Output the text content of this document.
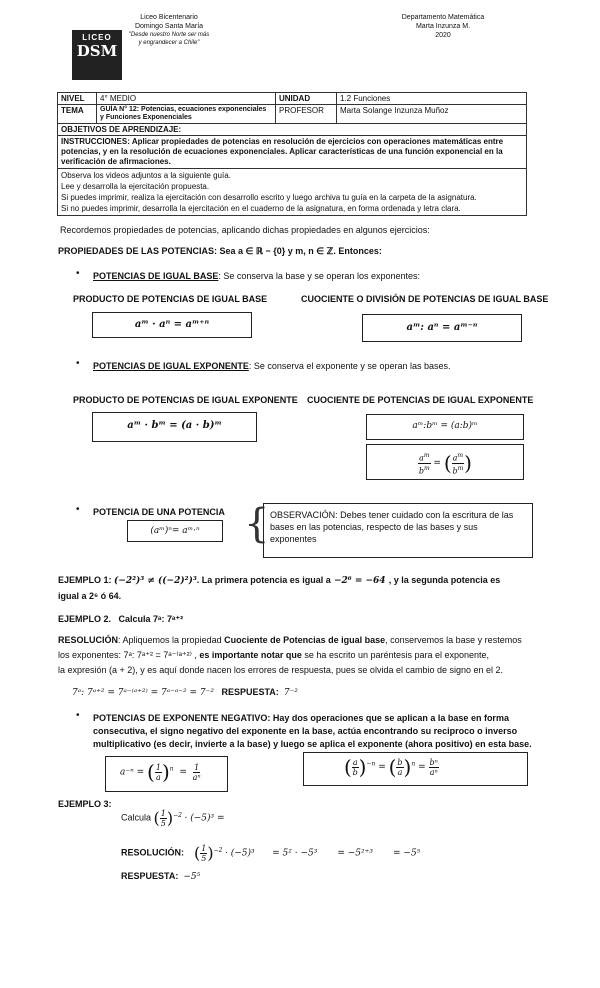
Liceo Bicentenario
Domingo Santa María
"Desde nuestro Norte ser más
y engrandecer a Chile"
LICEO
DSM
Departamento Matemática
Marta Inzunza M.
2020
NIVEL	4° MEDIO	UNIDAD	1.2 Funciones
TEMA	GUÍA N° 12: Potencias, ecuaciones exponenciales y Funciones Exponenciales	PROFESOR	Marta Solange Inzunza Muñoz
OBJETIVOS DE APRENDIZAJE:			
INSTRUCCIONES: Aplicar propiedades de potencias en resolución de ejercicios con operaciones matemáticas entre potencias, y en la resolución de ecuaciones exponenciales. Aplicar características de una función exponencial en la verificación de afirmaciones.			

Observa los videos adjuntos a la siguiente guía.
Lee y desarrolla la ejercitación propuesta.
Si puedes imprimir, realiza la ejercitación con desarrollo escrito y luego archiva tu guía en la carpeta de la asignatura.
Si no puedes imprimir, desarrolla la ejercitación en el cuaderno de la asignatura, en forma ordenada y letra clara.			
Recordemos propiedades de potencias, aplicando dichas propiedades en algunos ejercicios:
PROPIEDADES DE LAS POTENCIAS: Sea a ∈ ℝ − {0} y m, n ∈ ℤ. Entonces:
• POTENCIAS DE IGUAL BASE: Se conserva la base y se operan los exponentes:
PRODUCTO DE POTENCIAS DE IGUAL BASE	CUOCIENTE O DIVISIÓN DE POTENCIAS DE IGUAL BASE
aᵐ · aⁿ = aᵐ⁺ⁿ	aᵐ: aⁿ = aᵐ⁻ⁿ
• POTENCIAS DE IGUAL EXPONENTE: Se conserva el exponente y se operan las bases.
PRODUCTO DE POTENCIAS DE IGUAL EXPONENTE CUOCIENTE DE POTENCIAS DE IGUAL EXPONENTE
aᵐ · bᵐ = (a · b)ᵐ	aᵐ:bᵐ = (a:b)ᵐ
$\frac{a^m}{b^m}$ = ( $\frac{a^m}{b^m}$ )
• POTENCIA DE UNA POTENCIA
(aᵐ)ⁿ= aᵐ·ⁿ	{ OBSERVACIÓN: Debes tener cuidado con la escritura de las bases en las potencias, respecto de las bases y sus exponentes
EJEMPLO 1: (−2²)³ ≠ ((−2)²)³. La primera potencia es igual a −2⁶ = −64 , y la segunda potencia es
igual a 2⁶ ó 64.
EJEMPLO 2. Calcula 7ᵃ: 7ᵃ⁺²
RESOLUCIÓN: Apliquemos la propiedad Cuociente de Potencias de igual base, conservemos la base y restemos
los exponentes: 7ᵃ: 7ᵃ⁺² = 7ᵃ⁻⁽ᵃ⁺²⁾ , es importante notar que se ha escrito un paréntesis para el exponente,
la expresión (a + 2), y es aquí donde nacen los errores de respuesta, pues se olvida el cambio de signo en el 2.
7ᵃ: 7ᵃ⁺² = 7ᵃ⁻⁽ᵃ⁺²⁾ = 7ᵃ⁻ᵃ⁻² = 7⁻² RESPUESTA: 7⁻²
• POTENCIAS DE EXPONENTE NEGATIVO: Hay dos operaciones que se aplican a la base en forma consecutiva, el signo negativo del exponente en la base, actúa encontrando su reciproco o inverso multiplicativo (es decir, invierte a la base) y luego se aplica el exponente (ahora positivo) en esta base.
a⁻ⁿ = ( $\frac{1}{a} )^n = \frac{1}{\text{aⁿ}}$	( $\frac{a}{b} )^{-n}$ = ( $\frac{b}{a} )^n = \frac{\text{bⁿ}}{\text{aⁿ}}$
EJEMPLO 3:
Calcula ( $\frac{1}{5} )^{-2} \cdot (-5)^3$ =
RESOLUCIÓN: ( $\frac{1}{5} )^{-2} \cdot (-5)^3 = 5^2 \cdot -5^3 = -5^{2+3} = -5^5$
RESPUESTA: −5⁵
